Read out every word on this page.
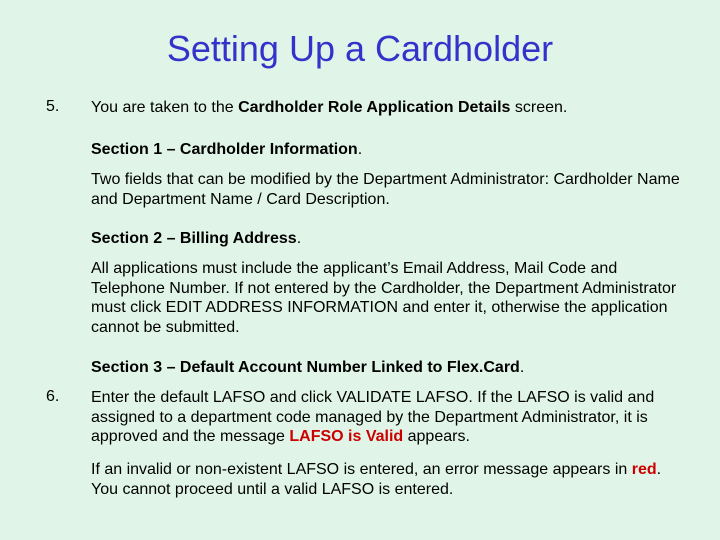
Setting Up a Cardholder
5. You are taken to the Cardholder Role Application Details screen.
Section 1 – Cardholder Information.
Two fields that can be modified by the Department Administrator: Cardholder Name and Department Name / Card Description.
Section 2 – Billing Address.
All applications must include the applicant’s Email Address, Mail Code and Telephone Number. If not entered by the Cardholder, the Department Administrator must click EDIT ADDRESS INFORMATION and enter it, otherwise the application cannot be submitted.
Section 3 – Default Account Number Linked to Flex.Card.
6. Enter the default LAFSO and click VALIDATE LAFSO. If the LAFSO is valid and assigned to a department code managed by the Department Administrator, it is approved and the message LAFSO is Valid appears.
If an invalid or non-existent LAFSO is entered, an error message appears in red. You cannot proceed until a valid LAFSO is entered.
